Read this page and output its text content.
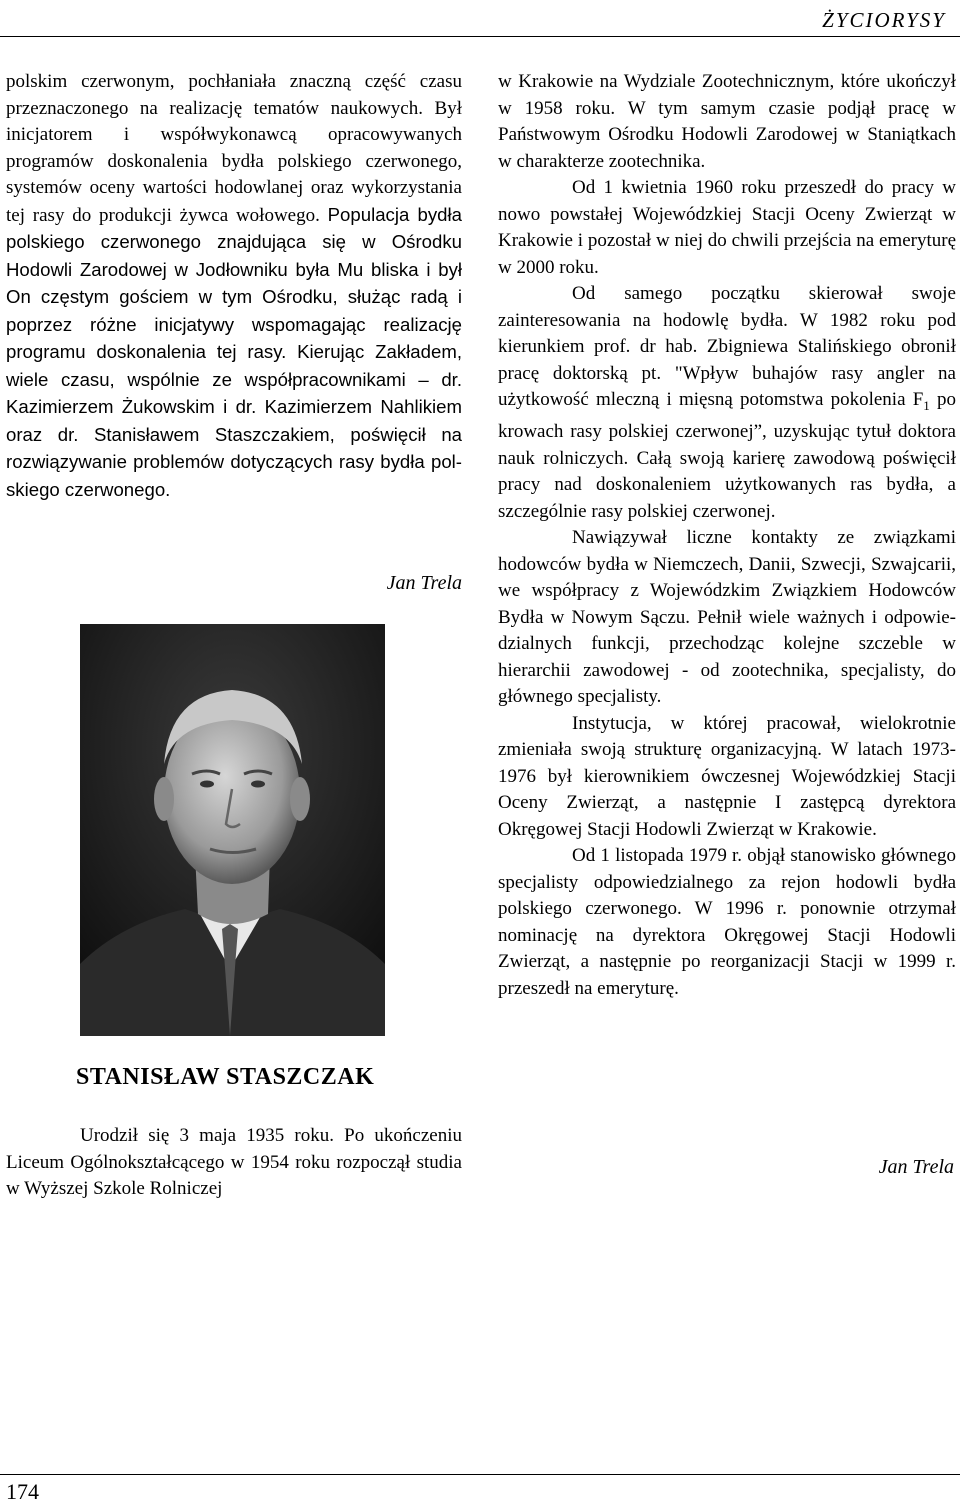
ŻYCIORYSY

polskim czerwonym, pochłaniała znaczną część czasu przeznaczonego na realizację tematów naukowych. Był inicjatorem i współwykonawcą opracowywanych programów doskonalenia bydła polskiego czerwonego, systemów oceny wartości hodowlanej oraz wykorzystania tej rasy do produkcji żywca wołowego. Populacja bydła polskiego czerwonego znajdująca się w Ośrodku Hodowli Zarodowej w Jodłowniku była Mu bliska i był On częstym gościem w tym Ośrodku, służąc radą i poprzez różne inicjatywy wspomagając realizację programu doskonalenia tej rasy. Kierując Zakładem, wiele czasu, wspólnie ze współpracownikami – dr. Kazimierzem Żukowskim i dr. Kazimierzem Nahlikiem oraz dr. Stanisławem Staszczakiem, poświęcił na rozwiązywanie problemów dotyczących rasy bydła polskiego czerwonego.

Jan Trela
STANISŁAW STASZCZAK

Urodził się 3 maja 1935 roku. Po ukończeniu Liceum Ogólnokształcącego w 1954 roku rozpoczął studia w Wyższej Szkole Rolniczej

w Krakowie na Wydziale Zootechnicznym, które ukończył w 1958 roku. W tym samym czasie podjął pracę w Państwowym Ośrodku Hodowli Zarodowej w Staniątkach w charakterze zootechnika.

Od 1 kwietnia 1960 roku przeszedł do pracy w nowo powstałej Wojewódzkiej Stacji Oceny Zwierząt w Krakowie i pozostał w niej do chwili przejścia na emeryturę w 2000 roku.

Od samego początku skierował swoje zainteresowania na hodowlę bydła. W 1982 roku pod kierunkiem prof. dr hab. Zbigniewa Stalińskiego obronił pracę doktorską pt. "Wpływ buhajów rasy angler na użytkowość mleczną i mięsną potomstwa pokolenia $F_1$ po krowach rasy polskiej czerwonej”, uzyskując tytuł doktora nauk rolniczych. Całą swoją karierę zawodową poświęcił pracy nad doskonaleniem użytkowanych ras bydła, a szczególnie rasy polskiej czerwonej.

Nawiązywał liczne kontakty ze związkami hodowców bydła w Niemczech, Danii, Szwecji, Szwajcarii, we współpracy z Wojewódzkim Związkiem Hodowców Bydła w Nowym Sączu. Pełnił wiele ważnych i odpowiedzialnych funkcji, przechodząc kolejne szczeble w hierarchii zawodowej - od zootechnika, specjalisty, do głównego specjalisty.

Instytucja, w której pracował, wielokrotnie zmieniała swoją strukturę organizacyjną. W latach 1973-1976 był kierownikiem ówczesnej Wojewódzkiej Stacji Oceny Zwierząt, a następnie I zastępcą dyrektora Okręgowej Stacji Hodowli Zwierząt w Krakowie.

Od 1 listopada 1979 r. objął stanowisko głównego specjalisty odpowiedzialnego za rejon hodowli bydła polskiego czerwonego. W 1996 r. ponownie otrzymał nominację na dyrektora Okręgowej Stacji Hodowli Zwierząt, a następnie po reorganizacji Stacji w 1999 r. przeszedł na emeryturę.

Jan Trela
174
